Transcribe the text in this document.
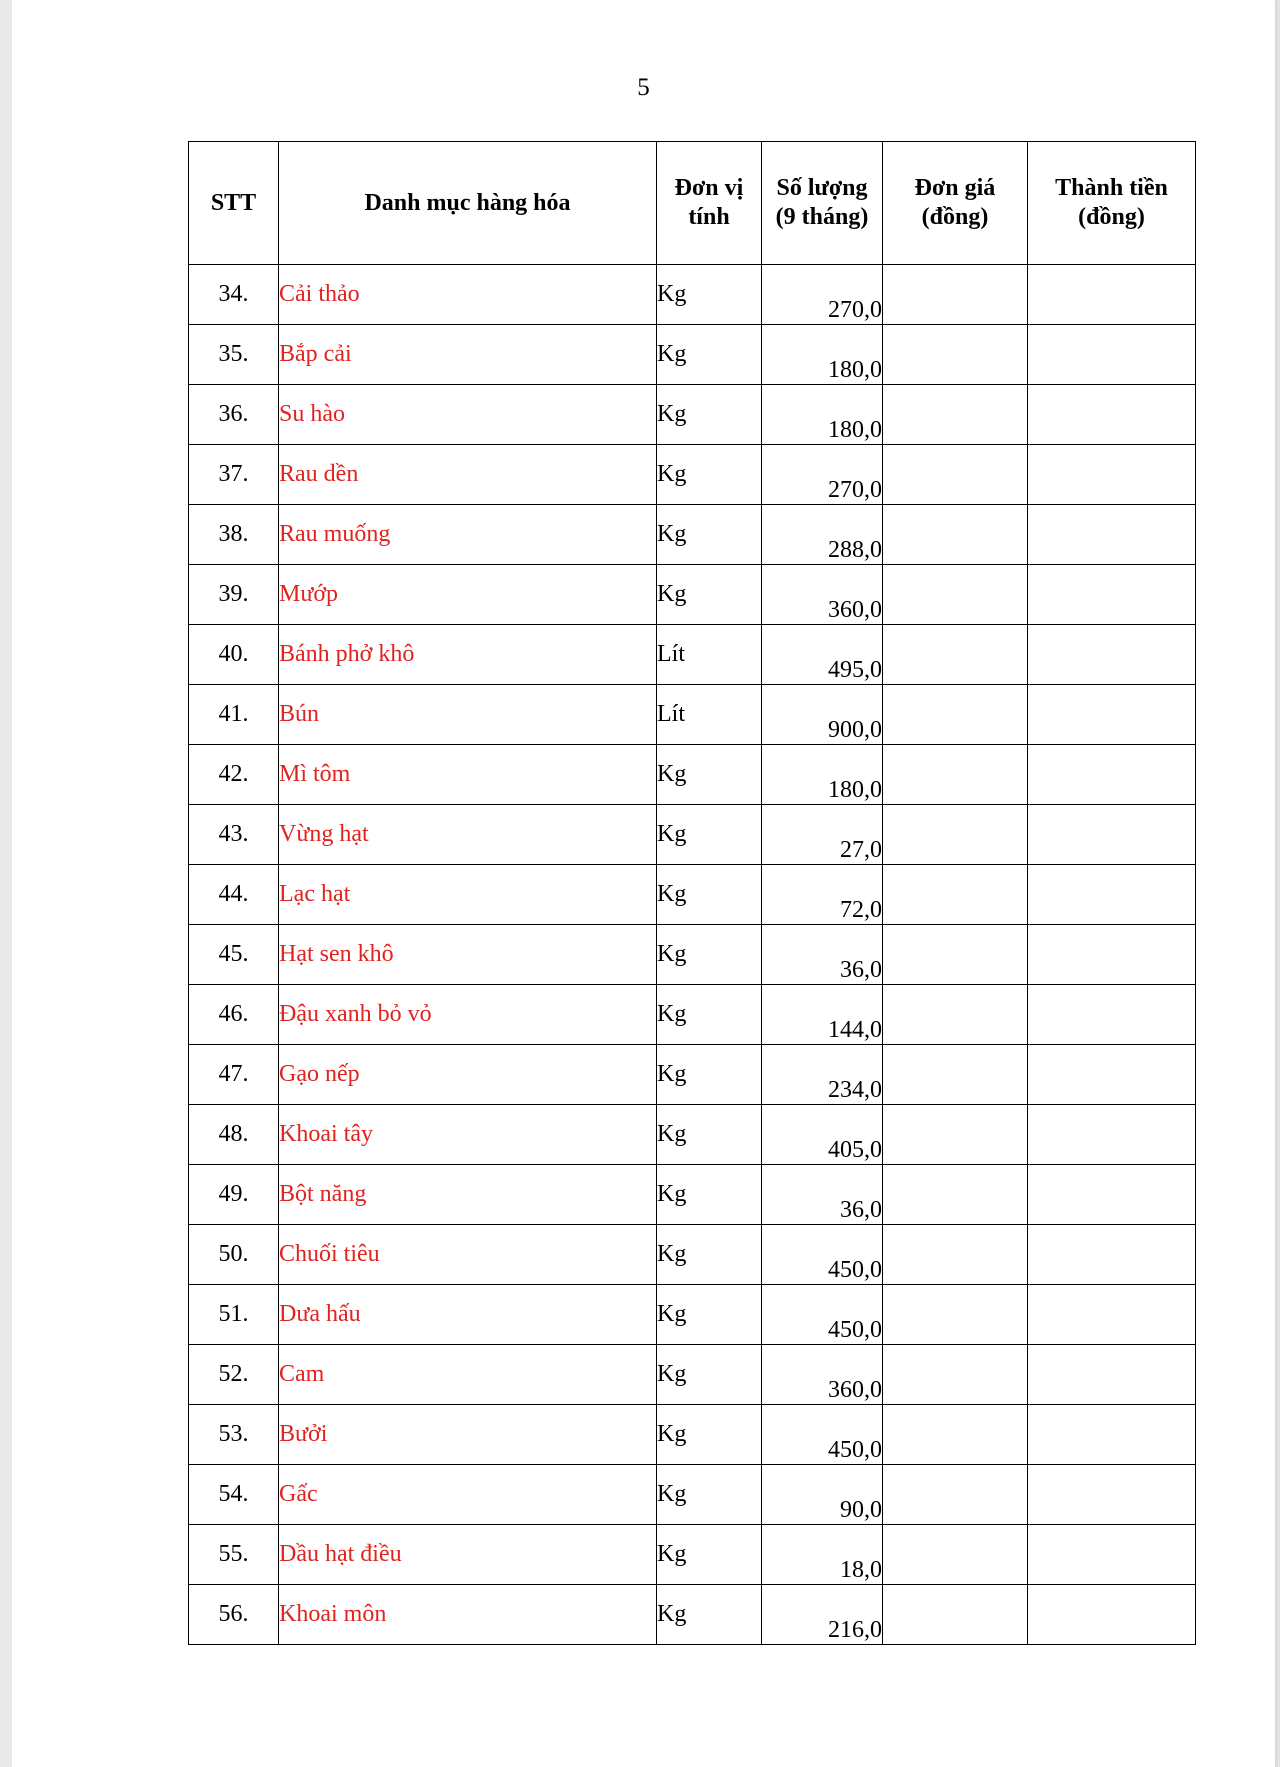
5
STT	Danh mục hàng hóa	Đơn vị tính	Số lượng (9 tháng)	Đơn giá (đồng)	Thành tiền (đồng)
34.	Cải thảo	Kg	270,0		
35.	Bắp cải	Kg	180,0		
36.	Su hào	Kg	180,0		
37.	Rau dền	Kg	270,0		
38.	Rau muống	Kg	288,0		
39.	Mướp	Kg	360,0		
40.	Bánh phở khô	Lít	495,0		
41.	Bún	Lít	900,0		
42.	Mì tôm	Kg	180,0		
43.	Vừng hạt	Kg	27,0		
44.	Lạc hạt	Kg	72,0		
45.	Hạt sen khô	Kg	36,0		
46.	Đậu xanh bỏ vỏ	Kg	144,0		
47.	Gạo nếp	Kg	234,0		
48.	Khoai tây	Kg	405,0		
49.	Bột năng	Kg	36,0		
50.	Chuối tiêu	Kg	450,0		
51.	Dưa hấu	Kg	450,0		
52.	Cam	Kg	360,0		
53.	Bưởi	Kg	450,0		
54.	Gấc	Kg	90,0		
55.	Dầu hạt điều	Kg	18,0		
56.	Khoai môn	Kg	216,0		
